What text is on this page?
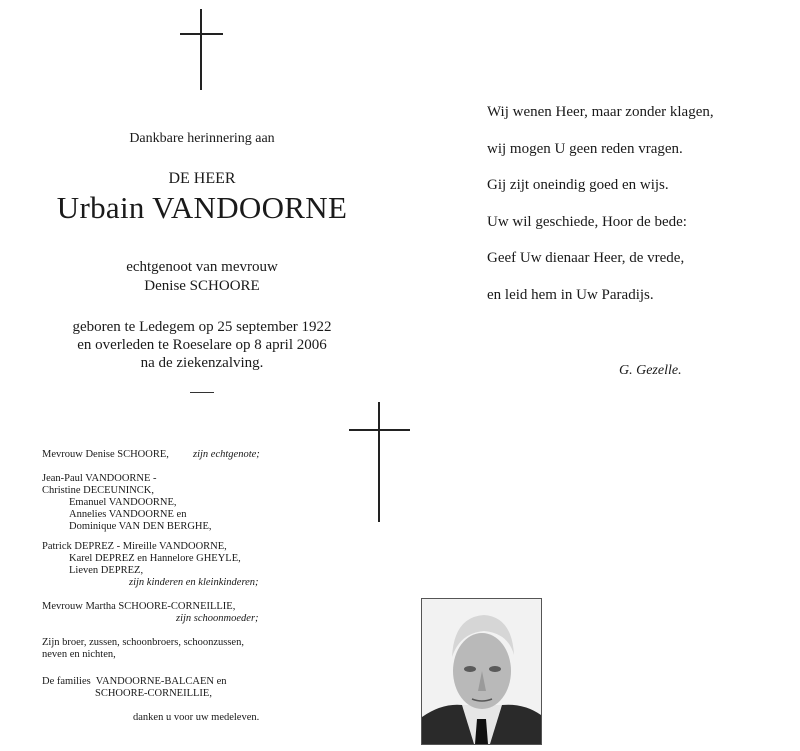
Dankbare herinnering aan
DE HEER
Urbain VANDOORNE
echtgenoot van mevrouw
Denise SCHOORE
geboren te Ledegem op 25 september 1922
en overleden te Roeselare op 8 april 2006
na de ziekenzalving.
Mevrouw Denise SCHOORE, zijn echtgenote;
Jean-Paul VANDOORNE -
Christine DECEUNINCK,
Emanuel VANDOORNE,
Annelies VANDOORNE en
Dominique VAN DEN BERGHE,
Patrick DEPREZ - Mireille VANDOORNE,
Karel DEPREZ en Hannelore GHEYLE,
Lieven DEPREZ,
zijn kinderen en kleinkinderen;
Mevrouw Martha SCHOORE-CORNEILLIE,
zijn schoonmoeder;
Zijn broer, zussen, schoonbroers, schoonzussen,
neven en nichten,
De families  VANDOORNE-BALCAEN en
SCHOORE-CORNEILLIE,
danken u voor uw medeleven.
Wij wenen Heer, maar zonder klagen,
wij mogen U geen reden vragen.
Gij zijt oneindig goed en wijs.
Uw wil geschiede, Hoor de bede:
Geef Uw dienaar Heer, de vrede,
en leid hem in Uw Paradijs.
G. Gezelle.
